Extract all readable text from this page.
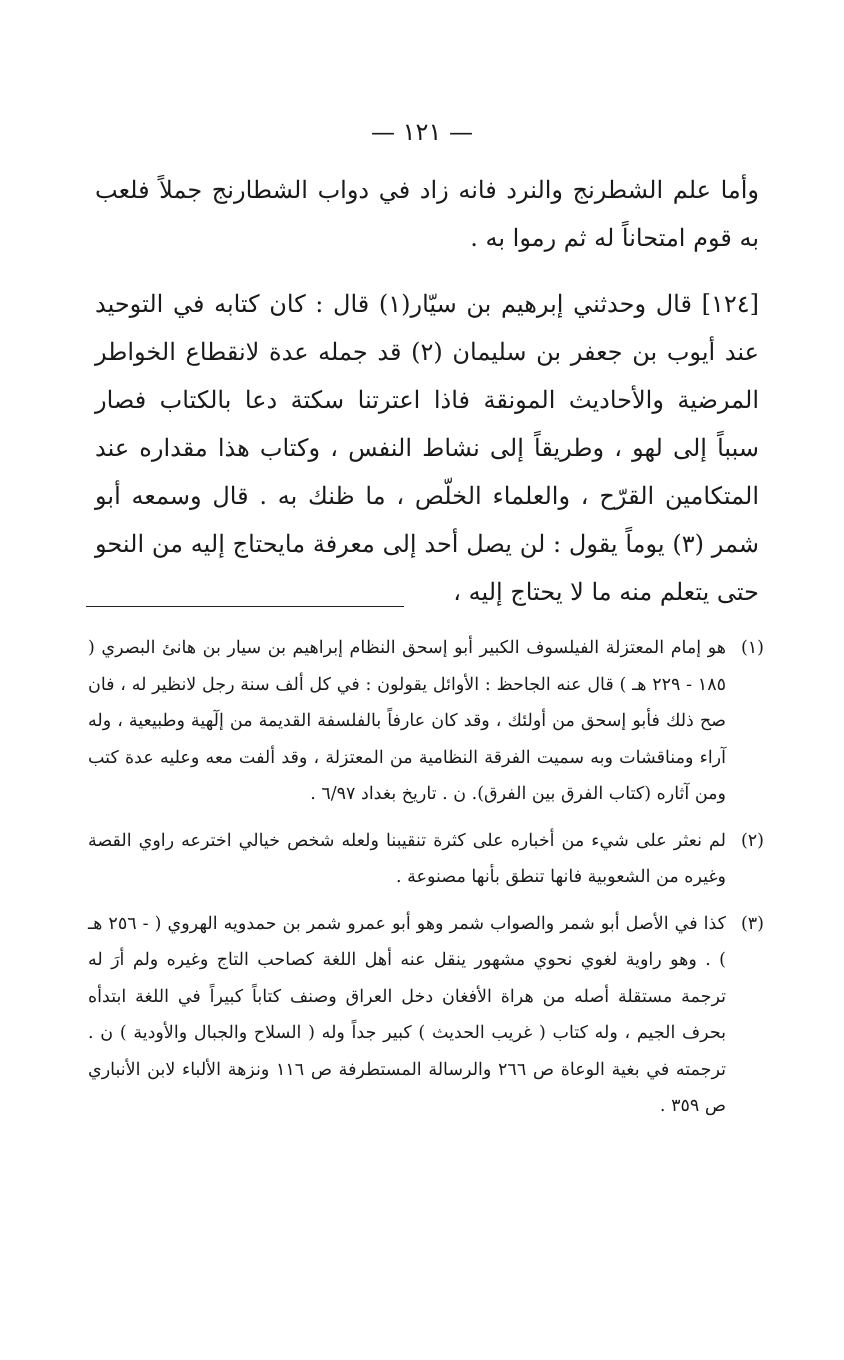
— ١٢١ —

وأما علم الشطرنج والنرد فانه زاد في دواب الشطارنج جملاً فلعب به قوم امتحاناً له ثم رموا به .

[١٢٤] قال وحدثني إبرهيم بن سيّار(١) قال : كان كتابه في التوحيد عند أيوب بن جعفر بن سليمان (٢) قد جمله عدة لانقطاع الخواطر المرضية والأحاديث المونقة فاذا اعترتنا سكتة دعا بالكتاب فصار سبباً إلى لهو ، وطريقاً إلى نشاط النفس ، وكتاب هذا مقداره عند المتكامين القرّح ، والعلماء الخلّص ، ما ظنك به . قال وسمعه أبو شمر (٣) يوماً يقول : لن يصل أحد إلى معرفة مايحتاج إليه من النحو حتى يتعلم منه ما لا يحتاج إليه ،

(١)
هو إمام المعتزلة الفيلسوف الكبير أبو إسحق النظام إبراهيم بن سيار بن هانئ البصري ( ١٨٥ - ٢٢٩ هـ ) قال عنه الجاحظ : الأوائل يقولون : في كل ألف سنة رجل لانظير له ، فان صح ذلك فأبو إسحق من أولئك ، وقد كان عارفاً بالفلسفة القديمة من إلٓهية وطبيعية ، وله آراء ومناقشات وبه سميت الفرقة النظامية من المعتزلة ، وقد ألفت معه وعليه عدة كتب ومن آثاره (كتاب الفرق بين الفرق). ن . تاريخ بغداد ٦/٩٧ .
(٢)
لم نعثر على شيء من أخباره على كثرة تنقيبنا ولعله شخص خيالي اخترعه راوي القصة وغيره من الشعوبية فانها تنطق بأنها مصنوعة .
(٣)
كذا في الأصل أبو شمر والصواب شمر وهو أبو عمرو شمر بن حمدويه الهروي ( - ٢٥٦ هـ ) . وهو راوية لغوي نحوي مشهور ينقل عنه أهل اللغة كصاحب التاج وغيره ولم أرَ له ترجمة مستقلة أصله من هراة الأفغان دخل العراق وصنف كتاباً كبيراً في اللغة ابتدأه بحرف الجيم ، وله كتاب ( غريب الحديث ) كبير جداً وله ( السلاح والجبال والأودية ) ن . ترجمته في بغية الوعاة ص ٢٦٦ والرسالة المستطرفة ص ١١٦ ونزهة الألباء لابن الأنباري ص ٣٥٩ .
